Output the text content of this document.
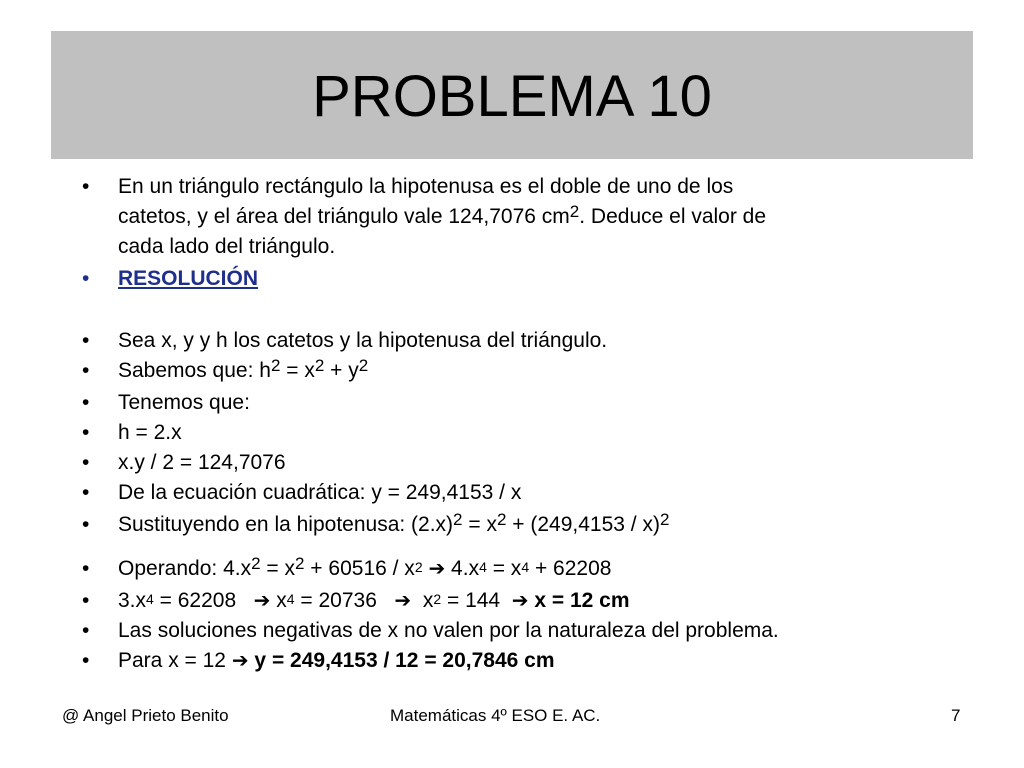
PROBLEMA 10
•	En un triángulo rectángulo la hipotenusa es el doble de uno de los
catetos, y el área del triángulo vale 124,7076 $cm^2$. Deduce el valor de
cada lado del triángulo.
•	RESOLUCIÓN
•	Sea x, y y h los catetos y la hipotenusa del triángulo.
•	Sabemos que: $h^2 = x^2 + y^2$
•	Tenemos que:
•	h = 2.x
•	x.y / 2 = 124,7076
•	De la ecuación cuadrática: y = 249,4153 / x
•	Sustituyendo en la hipotenusa: $(2.x)^2 = x^2 + (249,4153 / x)^2$
•	Operando: $4.x^2 = x^2 + 60516 / x^2$ ➔ $4.x^4 = x^4 + 62208$
•	$3.x^4 = 62208$   ➔ $x^4 = 20736$   ➔  $x^2 = 144$  ➔ x = 12 cm
•	Las soluciones negativas de x no valen por la naturaleza del problema.
•	Para x = 12 ➔ y = 249,4153 / 12 = 20,7846 cm
@ Angel Prieto Benito	Matemáticas 4º ESO E. AC.	7
